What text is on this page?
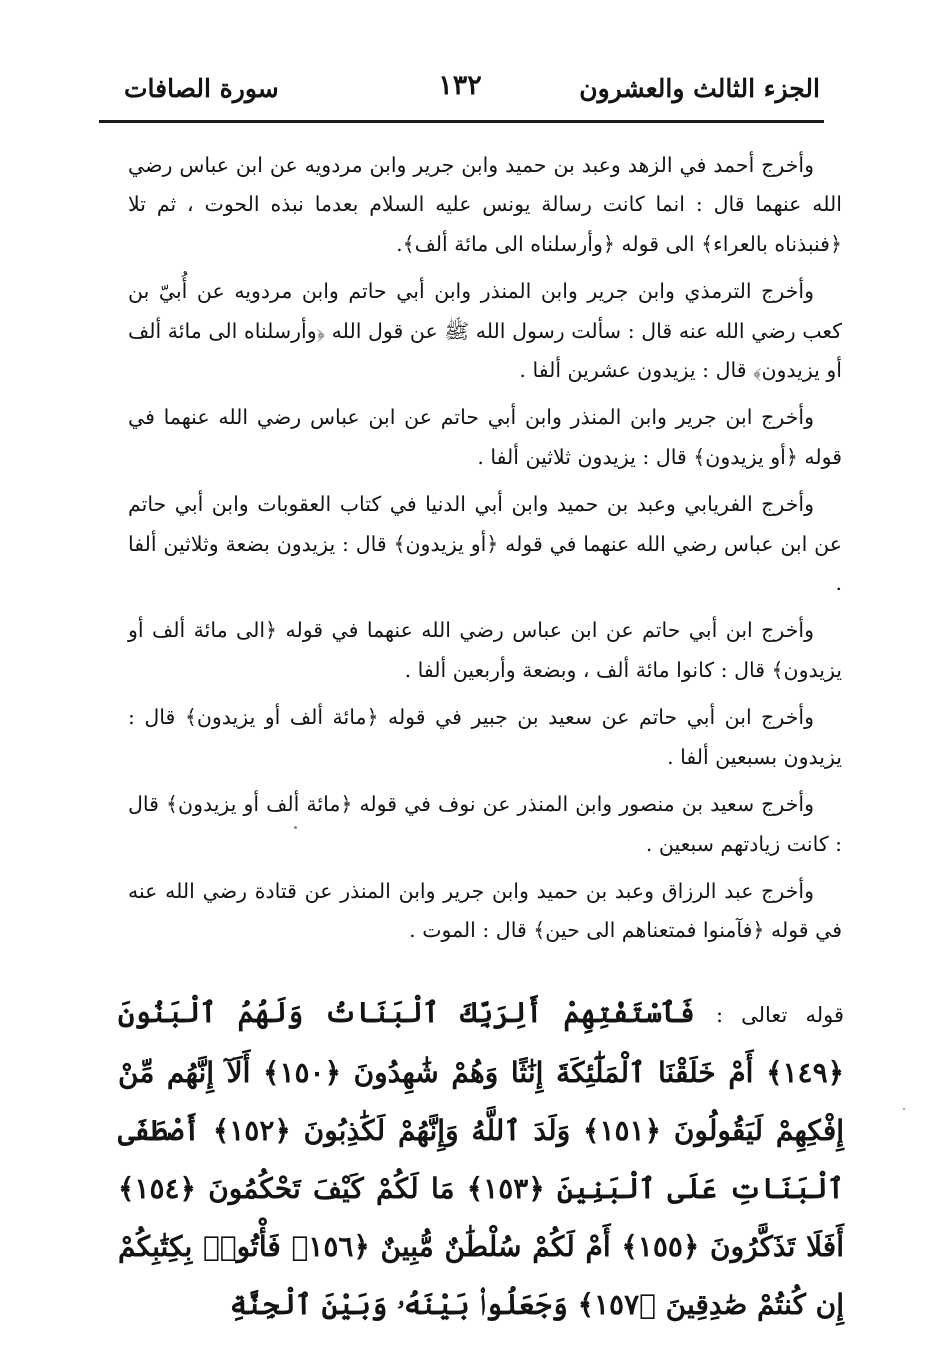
الجزء الثالث والعشرون
١٣٢
سورة الصافات

وأخرج أحمد في الزهد وعبد بن حميد وابن جرير وابن مردويه عن ابن عباس رضي الله عنهما قال : انما كانت رسالة يونس عليه السلام بعدما نبذه الحوت ، ثم تلا ﴿فنبذناه بالعراء﴾ الى قوله ﴿وأرسلناه الى مائة ألف﴾.

وأخرج الترمذي وابن جرير وابن المنذر وابن أبي حاتم وابن مردويه عن أُبيّ بن كعب رضي الله عنه قال : سألت رسول الله ﷺ عن قول الله ﴿وأرسلناه الى مائة ألف أو يزيدون﴾ قال : يزيدون عشرين ألفا .

وأخرج ابن جرير وابن المنذر وابن أبي حاتم عن ابن عباس رضي الله عنهما في قوله ﴿أو يزيدون﴾ قال : يزيدون ثلاثين ألفا .

وأخرج الفريابي وعبد بن حميد وابن أبي الدنيا في كتاب العقوبات وابن أبي حاتم عن ابن عباس رضي الله عنهما في قوله ﴿أو يزيدون﴾ قال : يزيدون بضعة وثلاثين ألفا .

وأخرج ابن أبي حاتم عن ابن عباس رضي الله عنهما في قوله ﴿الى مائة ألف أو يزيدون﴾ قال : كانوا مائة ألف ، وبضعة وأربعين ألفا .

وأخرج ابن أبي حاتم عن سعيد بن جبير في قوله ﴿مائة ألف أو يزيدون﴾ قال : يزيدون بسبعين ألفا .

وأخرج سعيد بن منصور وابن المنذر عن نوف في قوله ﴿مائة ألف أو يزيدون﴾ قال : كانت زيادتهم سبعين .

وأخرج عبد الرزاق وعبد بن حميد وابن جرير وابن المنذر عن قتادة رضي الله عنه في قوله ﴿فآمنوا فمتعناهم الى حين﴾ قال : الموت .

قوله تعالى : فَٱسْتَفْتِهِمْ أَلِرَبِّكَ ٱلْبَنَاتُ وَلَهُمُ ٱلْبَنُونَ ﴿١٤٩﴾ أَمْ خَلَقْنَا ٱلْمَلَٰٓئِكَةَ إِنَٰثًا وَهُمْ شَٰهِدُونَ ﴿١٥٠﴾ أَلَآ إِنَّهُم مِّنْ إِفْكِهِمْ لَيَقُولُونَ ﴿١٥١﴾ وَلَدَ ٱللَّهُ وَإِنَّهُمْ لَكَٰذِبُونَ ﴿١٥٢﴾ أَصْطَفَى ٱلْبَنَاتِ عَلَى ٱلْبَنِينَ ﴿١٥٣﴾ مَا لَكُمْ كَيْفَ تَحْكُمُونَ ﴿١٥٤﴾ أَفَلَا تَذَكَّرُونَ ﴿١٥٥﴾ أَمْ لَكُمْ سُلْطَٰنٌ مُّبِينٌ ﴿١٥٦﴾ فَأْتُوا۟ بِكِتَٰبِكُمْ إِن كُنتُمْ صَٰدِقِينَ ﴿١٥٧﴾ وَجَعَلُوا۟ بَيْنَهُۥ وَبَيْنَ ٱلْجِنَّةِ
